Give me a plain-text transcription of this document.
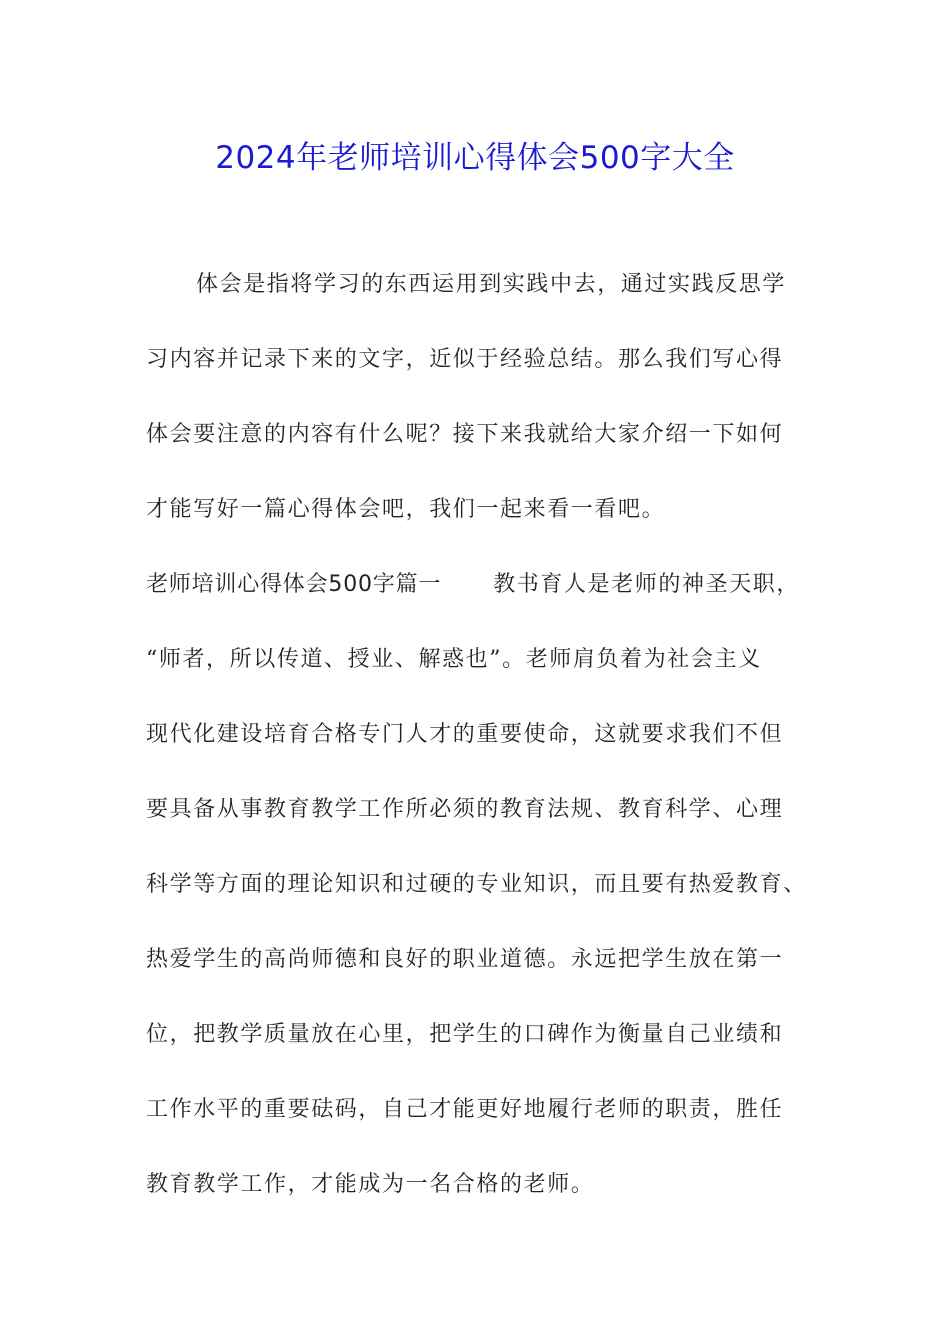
2024年老师培训心得体会500字大全
体会是指将学习的东西运用到实践中去，通过实践反思学
习内容并记录下来的文字，近似于经验总结。那么我们写心得
体会要注意的内容有什么呢？接下来我就给大家介绍一下如何
才能写好一篇心得体会吧，我们一起来看一看吧。
老师培训心得体会500字篇一 教书育人是老师的神圣天职，
“师者，所以传道、授业、解惑也”。老师肩负着为社会主义
现代化建设培育合格专门人才的重要使命，这就要求我们不但
要具备从事教育教学工作所必须的教育法规、教育科学、心理
科学等方面的理论知识和过硬的专业知识，而且要有热爱教育、
热爱学生的高尚师德和良好的职业道德。永远把学生放在第一
位，把教学质量放在心里，把学生的口碑作为衡量自己业绩和
工作水平的重要砝码，自己才能更好地履行老师的职责，胜任
教育教学工作，才能成为一名合格的老师。
